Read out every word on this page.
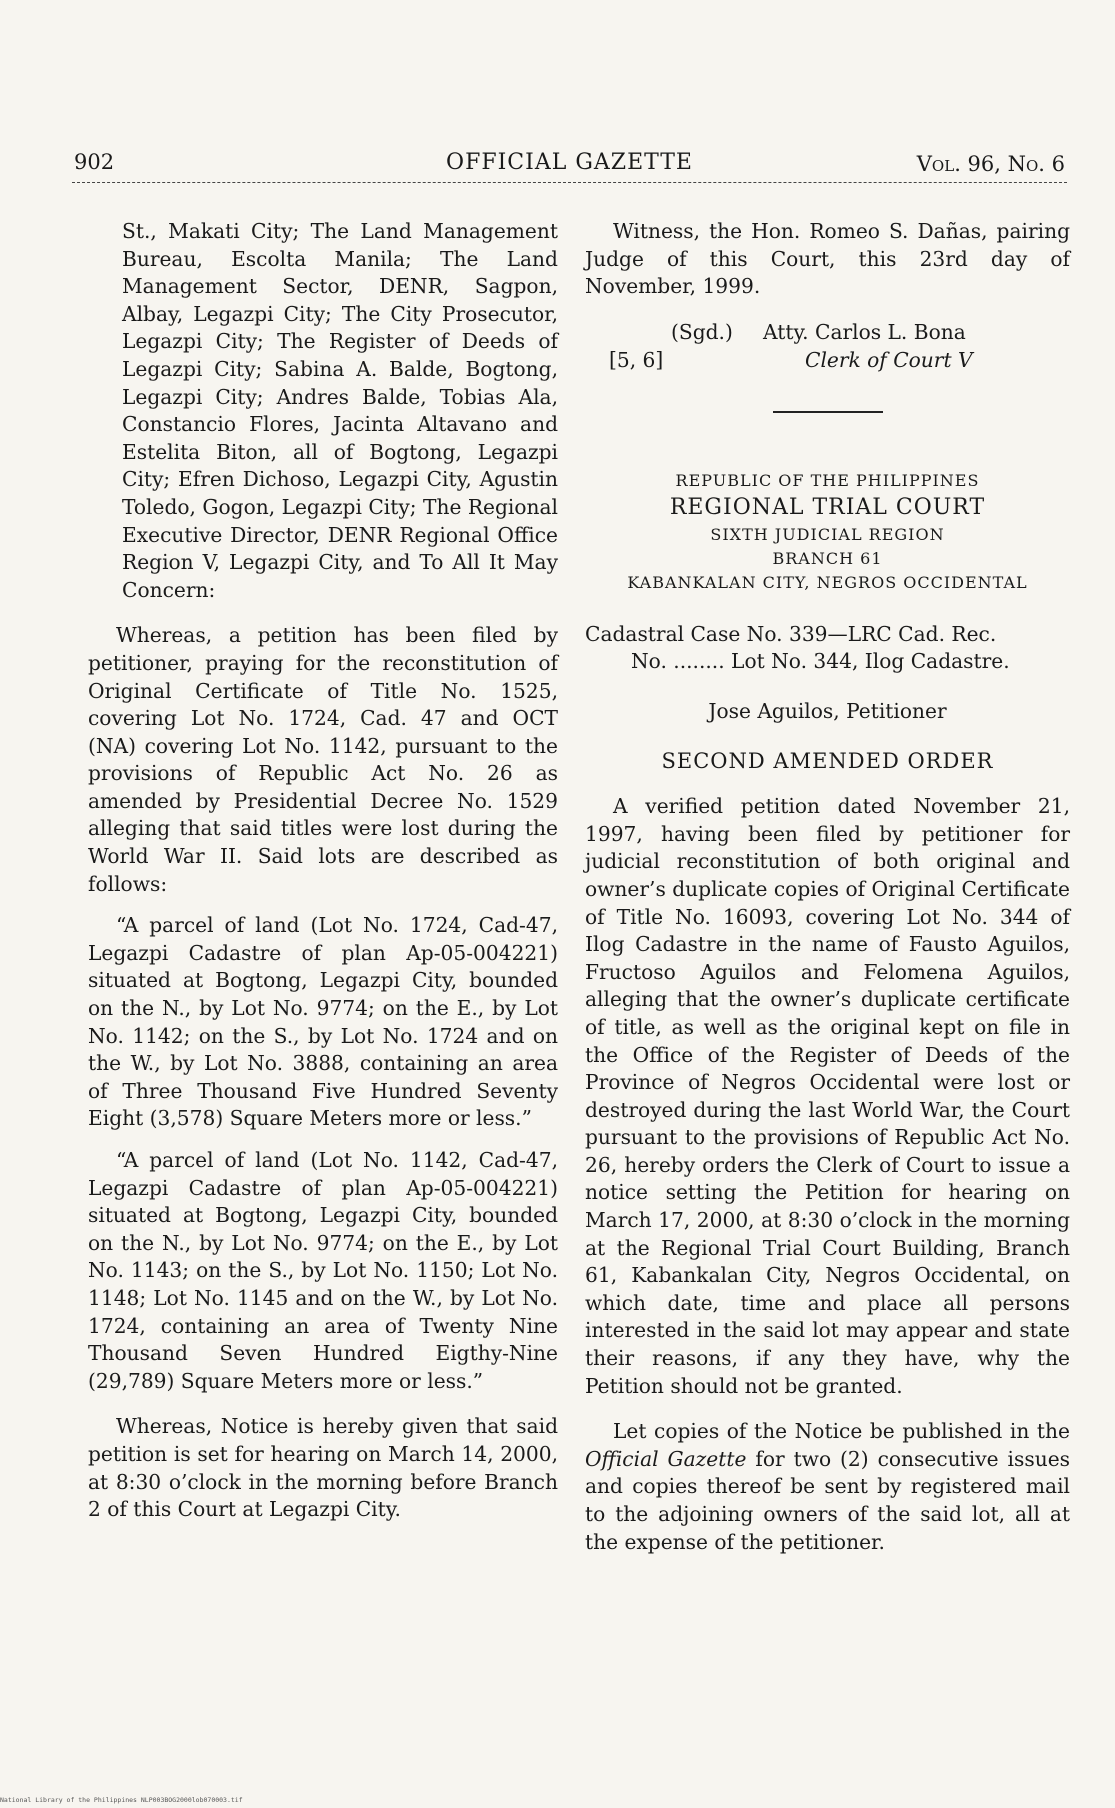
902	OFFICIAL GAZETTE	Vol. 96, No. 6

St., Makati City; The Land Management Bureau, Escolta Manila; The Land Management Sector, DENR, Sagpon, Albay, Legazpi City; The City Prosecutor, Legazpi City; The Register of Deeds of Legazpi City; Sabina A. Balde, Bogtong, Legazpi City; Andres Balde, Tobias Ala, Constancio Flores, Jacinta Altavano and Estelita Biton, all of Bogtong, Legazpi City; Efren Dichoso, Legazpi City, Agustin Toledo, Gogon, Legazpi City; The Regional Executive Director, DENR Regional Office Region V, Legazpi City, and To All It May Concern:

Whereas, a petition has been filed by petitioner, praying for the reconstitution of Original Certificate of Title No. 1525, covering Lot No. 1724, Cad. 47 and OCT (NA) covering Lot No. 1142, pursuant to the provisions of Republic Act No. 26 as amended by Presidential Decree No. 1529 alleging that said titles were lost during the World War II. Said lots are described as follows:

“A parcel of land (Lot No. 1724, Cad-47, Legazpi Cadastre of plan Ap-05-004221) situated at Bogtong, Legazpi City, bounded on the N., by Lot No. 9774; on the E., by Lot No. 1142; on the S., by Lot No. 1724 and on the W., by Lot No. 3888, containing an area of Three Thousand Five Hundred Seventy Eight (3,578) Square Meters more or less.”

“A parcel of land (Lot No. 1142, Cad-47, Legazpi Cadastre of plan Ap-05-004221) situated at Bogtong, Legazpi City, bounded on the N., by Lot No. 9774; on the E., by Lot No. 1143; on the S., by Lot No. 1150; Lot No. 1148; Lot No. 1145 and on the W., by Lot No. 1724, containing an area of Twenty Nine Thousand Seven Hundred Eigthy-Nine (29,789) Square Meters more or less.”

Whereas, Notice is hereby given that said petition is set for hearing on March 14, 2000, at 8:30 o’clock in the morning before Branch 2 of this Court at Legazpi City.

Witness, the Hon. Romeo S. Dañas, pairing Judge of this Court, this 23rd day of November, 1999.

(Sgd.) Atty. Carlos L. Bona
[5, 6]	Clerk of Court V
REPUBLIC OF THE PHILIPPINES
REGIONAL TRIAL COURT
SIXTH JUDICIAL REGION
BRANCH 61
KABANKALAN CITY, NEGROS OCCIDENTAL
Cadastral Case No. 339—LRC Cad. Rec.
No. ........ Lot No. 344, Ilog Cadastre.
Jose Aguilos, Petitioner
SECOND AMENDED ORDER

A verified petition dated November 21, 1997, having been filed by petitioner for judicial reconstitution of both original and owner’s duplicate copies of Original Certificate of Title No. 16093, covering Lot No. 344 of Ilog Cadastre in the name of Fausto Aguilos, Fructoso Aguilos and Felomena Aguilos, alleging that the owner’s duplicate certificate of title, as well as the original kept on file in the Office of the Register of Deeds of the Province of Negros Occidental were lost or destroyed during the last World War, the Court pursuant to the provisions of Republic Act No. 26, hereby orders the Clerk of Court to issue a notice setting the Petition for hearing on March 17, 2000, at 8:30 o’clock in the morning at the Regional Trial Court Building, Branch 61, Kabankalan City, Negros Occidental, on which date, time and place all persons interested in the said lot may appear and state their reasons, if any they have, why the Petition should not be granted.

Let copies of the Notice be published in the Official Gazette for two (2) consecutive issues and copies thereof be sent by registered mail to the adjoining owners of the said lot, all at the expense of the petitioner.

National Library of the Philippines NLP003BOG2000lob070003.tif
